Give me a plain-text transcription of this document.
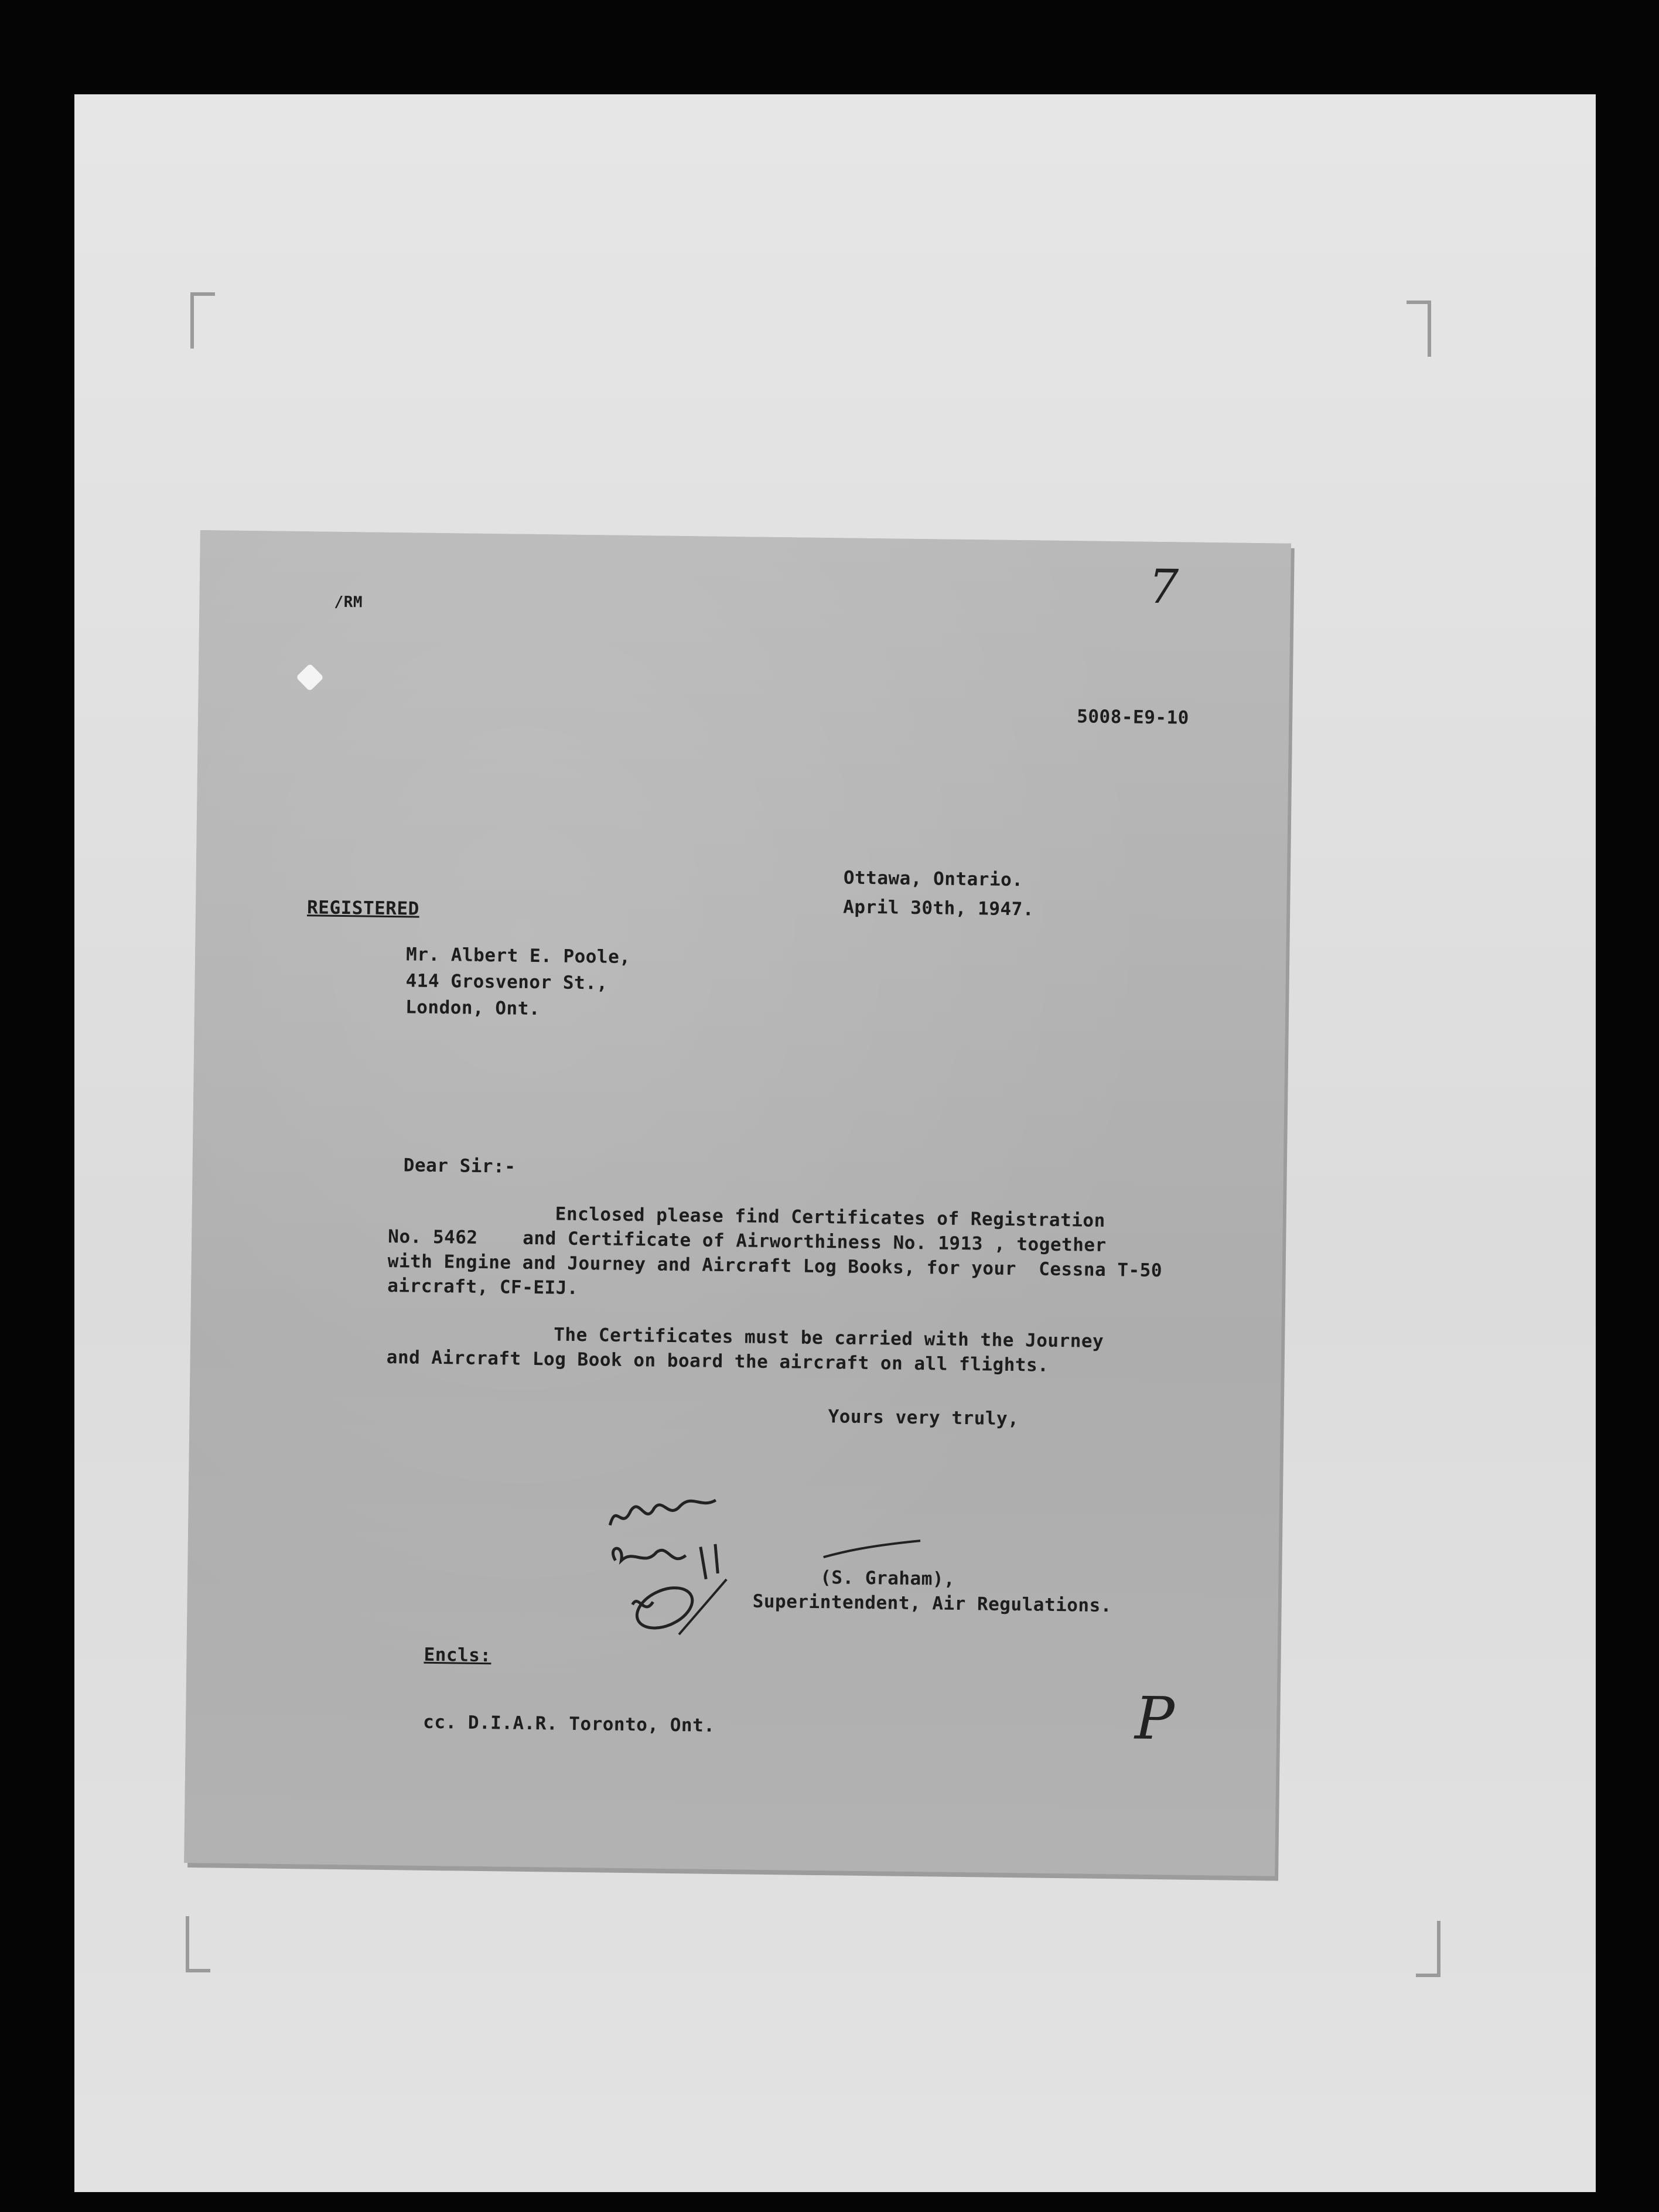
/RM	7

5008-E9-10

Ottawa, Ontario.

April 30th, 1947.

REGISTERED

Mr. Albert E. Poole,

414 Grosvenor St.,

London, Ont.

Dear Sir:-

Enclosed please find Certificates of Registration

No. 5462 and Certificate of Airworthiness No. 1913 , together

with Engine and Journey and Aircraft Log Books, for your Cessna T-50

aircraft, CF-EIJ.

The Certificates must be carried with the Journey

and Aircraft Log Book on board the aircraft on all flights.

Yours very truly,

(S. Graham),

Superintendent, Air Regulations.

Encls:

cc. D.I.A.R. Toronto, Ont.	P
